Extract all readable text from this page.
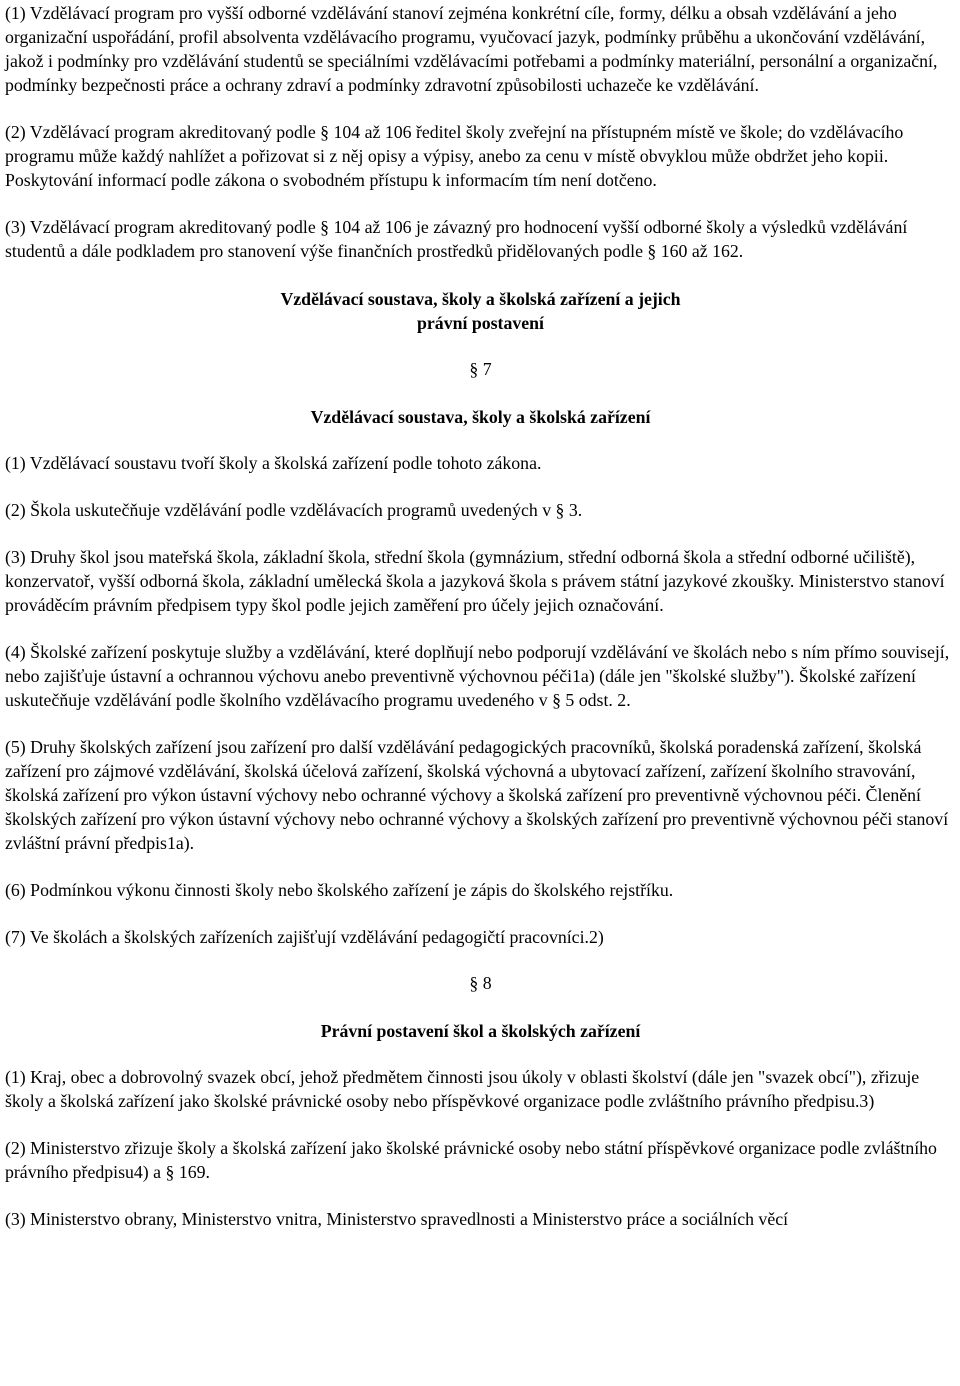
(1) Vzdělávací program pro vyšší odborné vzdělávání stanoví zejména konkrétní cíle, formy, délku a obsah vzdělávání a jeho organizační uspořádání, profil absolventa vzdělávacího programu, vyučovací jazyk, podmínky průběhu a ukončování vzdělávání, jakož i podmínky pro vzdělávání studentů se speciálními vzdělávacími potřebami a podmínky materiální, personální a organizační, podmínky bezpečnosti práce a ochrany zdraví a podmínky zdravotní způsobilosti uchazeče ke vzdělávání.

(2) Vzdělávací program akreditovaný podle § 104 až 106 ředitel školy zveřejní na přístupném místě ve škole; do vzdělávacího programu může každý nahlížet a pořizovat si z něj opisy a výpisy, anebo za cenu v místě obvyklou může obdržet jeho kopii. Poskytování informací podle zákona o svobodném přístupu k informacím tím není dotčeno.

(3) Vzdělávací program akreditovaný podle § 104 až 106 je závazný pro hodnocení vyšší odborné školy a výsledků vzdělávání studentů a dále podkladem pro stanovení výše finančních prostředků přidělovaných podle § 160 až 162.

Vzdělávací soustava, školy a školská zařízení a jejich
právní postavení

§ 7

Vzdělávací soustava, školy a školská zařízení

(1) Vzdělávací soustavu tvoří školy a školská zařízení podle tohoto zákona.

(2) Škola uskutečňuje vzdělávání podle vzdělávacích programů uvedených v § 3.

(3) Druhy škol jsou mateřská škola, základní škola, střední škola (gymnázium, střední odborná škola a střední odborné učiliště), konzervatoř, vyšší odborná škola, základní umělecká škola a jazyková škola s právem státní jazykové zkoušky. Ministerstvo stanoví prováděcím právním předpisem typy škol podle jejich zaměření pro účely jejich označování.

(4) Školské zařízení poskytuje služby a vzdělávání, které doplňují nebo podporují vzdělávání ve školách nebo s ním přímo souvisejí, nebo zajišťuje ústavní a ochrannou výchovu anebo preventivně výchovnou péči1a) (dále jen "školské služby"). Školské zařízení uskutečňuje vzdělávání podle školního vzdělávacího programu uvedeného v § 5 odst. 2.

(5) Druhy školských zařízení jsou zařízení pro další vzdělávání pedagogických pracovníků, školská poradenská zařízení, školská zařízení pro zájmové vzdělávání, školská účelová zařízení, školská výchovná a ubytovací zařízení, zařízení školního stravování, školská zařízení pro výkon ústavní výchovy nebo ochranné výchovy a školská zařízení pro preventivně výchovnou péči. Členění školských zařízení pro výkon ústavní výchovy nebo ochranné výchovy a školských zařízení pro preventivně výchovnou péči stanoví zvláštní právní předpis1a).

(6) Podmínkou výkonu činnosti školy nebo školského zařízení je zápis do školského rejstříku.

(7) Ve školách a školských zařízeních zajišťují vzdělávání pedagogičtí pracovníci.2)

§ 8

Právní postavení škol a školských zařízení

(1) Kraj, obec a dobrovolný svazek obcí, jehož předmětem činnosti jsou úkoly v oblasti školství (dále jen "svazek obcí"), zřizuje školy a školská zařízení jako školské právnické osoby nebo příspěvkové organizace podle zvláštního právního předpisu.3)

(2) Ministerstvo zřizuje školy a školská zařízení jako školské právnické osoby nebo státní příspěvkové organizace podle zvláštního právního předpisu4) a § 169.

(3) Ministerstvo obrany, Ministerstvo vnitra, Ministerstvo spravedlnosti a Ministerstvo práce a sociálních věcí
